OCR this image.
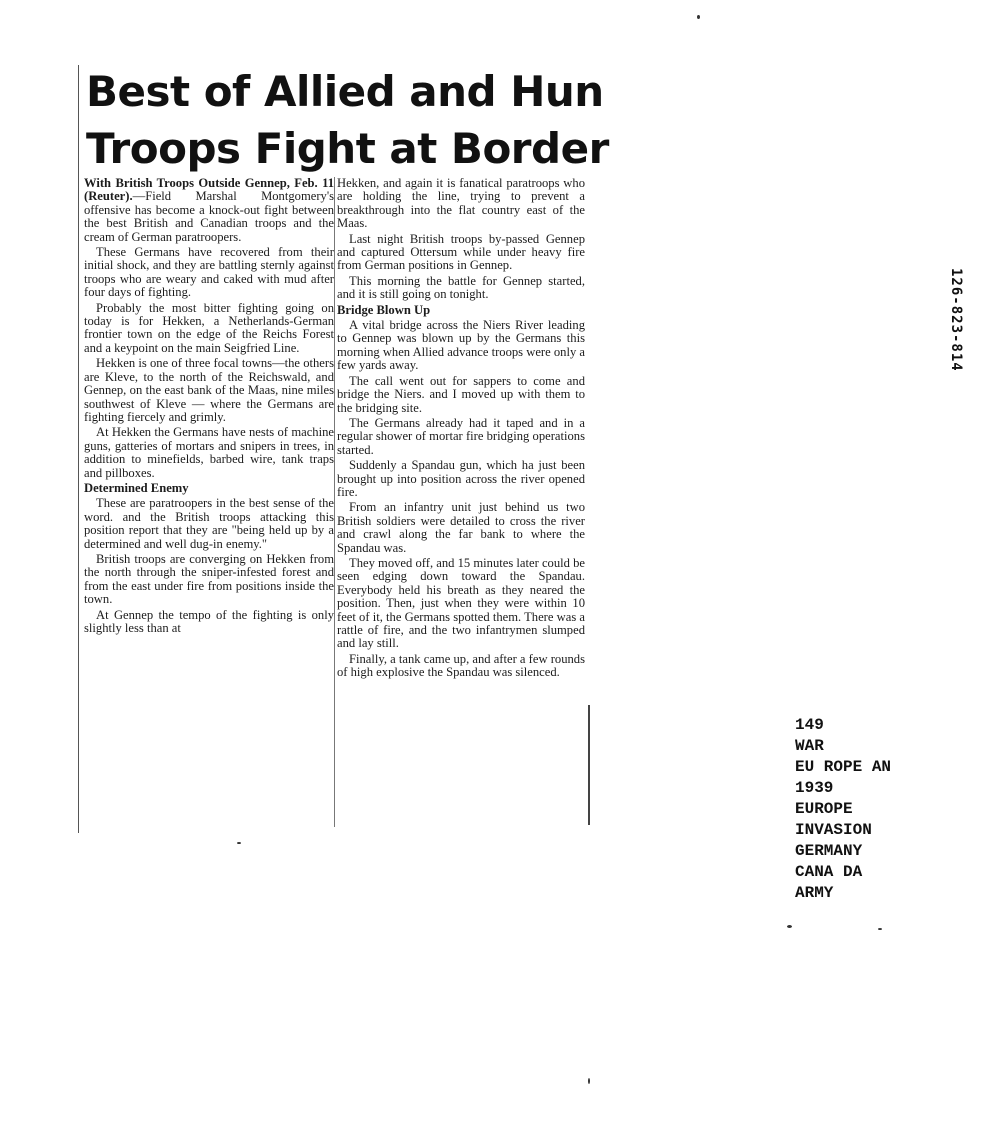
Best of Allied and Hun
Troops Fight at Border

With British Troops Outside Gennep, Feb. 11 (Reuter).—Field Marshal Montgomery's offensive has become a knock-out fight between the best British and Canadian troops and the cream of German paratroopers.

These Germans have recovered from their initial shock, and they are battling sternly against troops who are weary and caked with mud after four days of fighting.

Probably the most bitter fighting going on today is for Hekken, a Netherlands-German frontier town on the edge of the Reichs Forest and a keypoint on the main Seigfried Line.

Hekken is one of three focal towns—the others are Kleve, to the north of the Reichswald, and Gennep, on the east bank of the Maas, nine miles southwest of Kleve — where the Germans are fighting fiercely and grimly.

At Hekken the Germans have nests of machine guns, gatteries of mortars and snipers in trees, in addition to minefields, barbed wire, tank traps and pillboxes.

Determined Enemy

These are paratroopers in the best sense of the word. and the British troops attacking this position report that they are "being held up by a determined and well dug-in enemy."

British troops are converging on Hekken from the north through the sniper-infested forest and from the east under fire from positions inside the town.

At Gennep the tempo of the fighting is only slightly less than at

Hekken, and again it is fanatical paratroops who are holding the line, trying to prevent a breakthrough into the flat country east of the Maas.

Last night British troops by-passed Gennep and captured Ottersum while under heavy fire from German positions in Gennep.

This morning the battle for Gennep started, and it is still going on tonight.

Bridge Blown Up

A vital bridge across the Niers River leading to Gennep was blown up by the Germans this morning when Allied advance troops were only a few yards away.

The call went out for sappers to come and bridge the Niers. and I moved up with them to the bridging site.

The Germans already had it taped and in a regular shower of mortar fire bridging operations started.

Suddenly a Spandau gun, which ha just been brought up into position across the river opened fire.

From an infantry unit just behind us two British soldiers were detailed to cross the river and crawl along the far bank to where the Spandau was.

They moved off, and 15 minutes later could be seen edging down toward the Spandau. Everybody held his breath as they neared the position. Then, just when they were within 10 feet of it, the Germans spotted them. There was a rattle of fire, and the two infantrymen slumped and lay still.

Finally, a tank came up, and after a few rounds of high explosive the Spandau was silenced.

126-823-814
149
WAR
EU ROPE AN
1939
EUROPE
INVASION
GERMANY
CANA DA
ARMY
